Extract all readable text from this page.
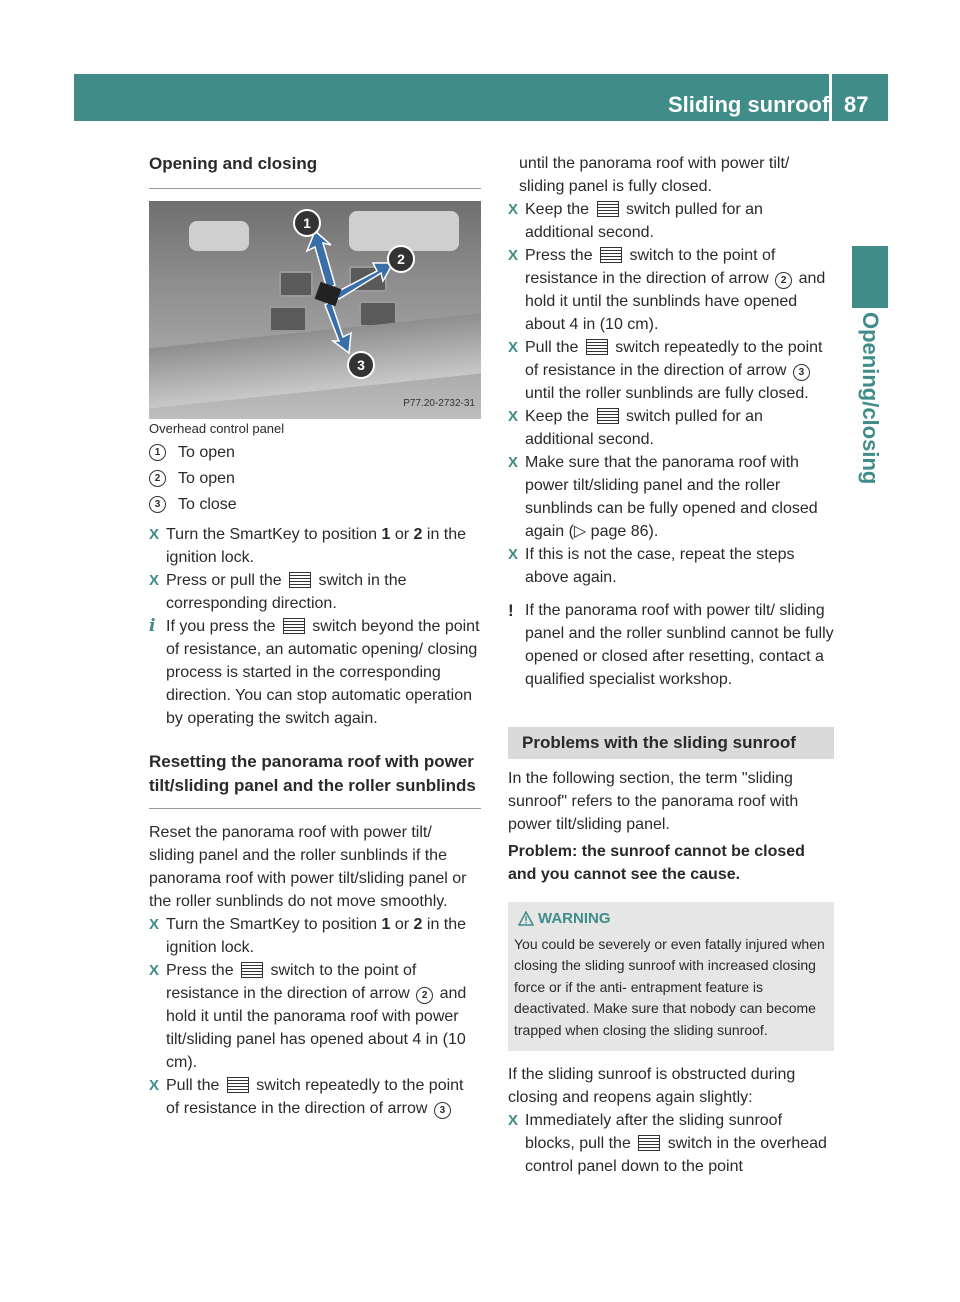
Sliding sunroof 87
Opening/closing

Opening and closing

1
2
3
P77.20-2732-31

Overhead control panel

1	To open
2	To open
3	To close

X Turn the SmartKey to position 1 or 2 in the ignition lock.

X Press or pull the  switch in the corresponding direction.

i If you press the  switch beyond the point of resistance, an automatic opening/ closing process is started in the corresponding direction. You can stop automatic operation by operating the switch again.

Resetting the panorama roof with power tilt/sliding panel and the roller sunblinds

Reset the panorama roof with power tilt/ sliding panel and the roller sunblinds if the panorama roof with power tilt/sliding panel or the roller sunblinds do not move smoothly.

X Turn the SmartKey to position 1 or 2 in the ignition lock.

X Press the  switch to the point of resistance in the direction of arrow 2 and hold it until the panorama roof with power tilt/sliding panel has opened about 4 in (10 cm).

X Pull the  switch repeatedly to the point of resistance in the direction of arrow 3

until the panorama roof with power tilt/ sliding panel is fully closed.

X Keep the  switch pulled for an additional second.

X Press the  switch to the point of resistance in the direction of arrow 2 and hold it until the sunblinds have opened about 4 in (10 cm).

X Pull the  switch repeatedly to the point of resistance in the direction of arrow 3 until the roller sunblinds are fully closed.

X Keep the  switch pulled for an additional second.

X Make sure that the panorama roof with power tilt/sliding panel and the roller sunblinds can be fully opened and closed again (▷ page 86).

X If this is not the case, repeat the steps above again.

! If the panorama roof with power tilt/ sliding panel and the roller sunblind cannot be fully opened or closed after resetting, contact a qualified specialist workshop.

Problems with the sliding sunroof

In the following section, the term "sliding sunroof" refers to the panorama roof with power tilt/sliding panel.

Problem: the sunroof cannot be closed and you cannot see the cause.

WARNING

You could be severely or even fatally injured when closing the sliding sunroof with increased closing force or if the anti- entrapment feature is deactivated. Make sure that nobody can become trapped when closing the sliding sunroof.

If the sliding sunroof is obstructed during closing and reopens again slightly:

X Immediately after the sliding sunroof blocks, pull the  switch in the overhead control panel down to the point
